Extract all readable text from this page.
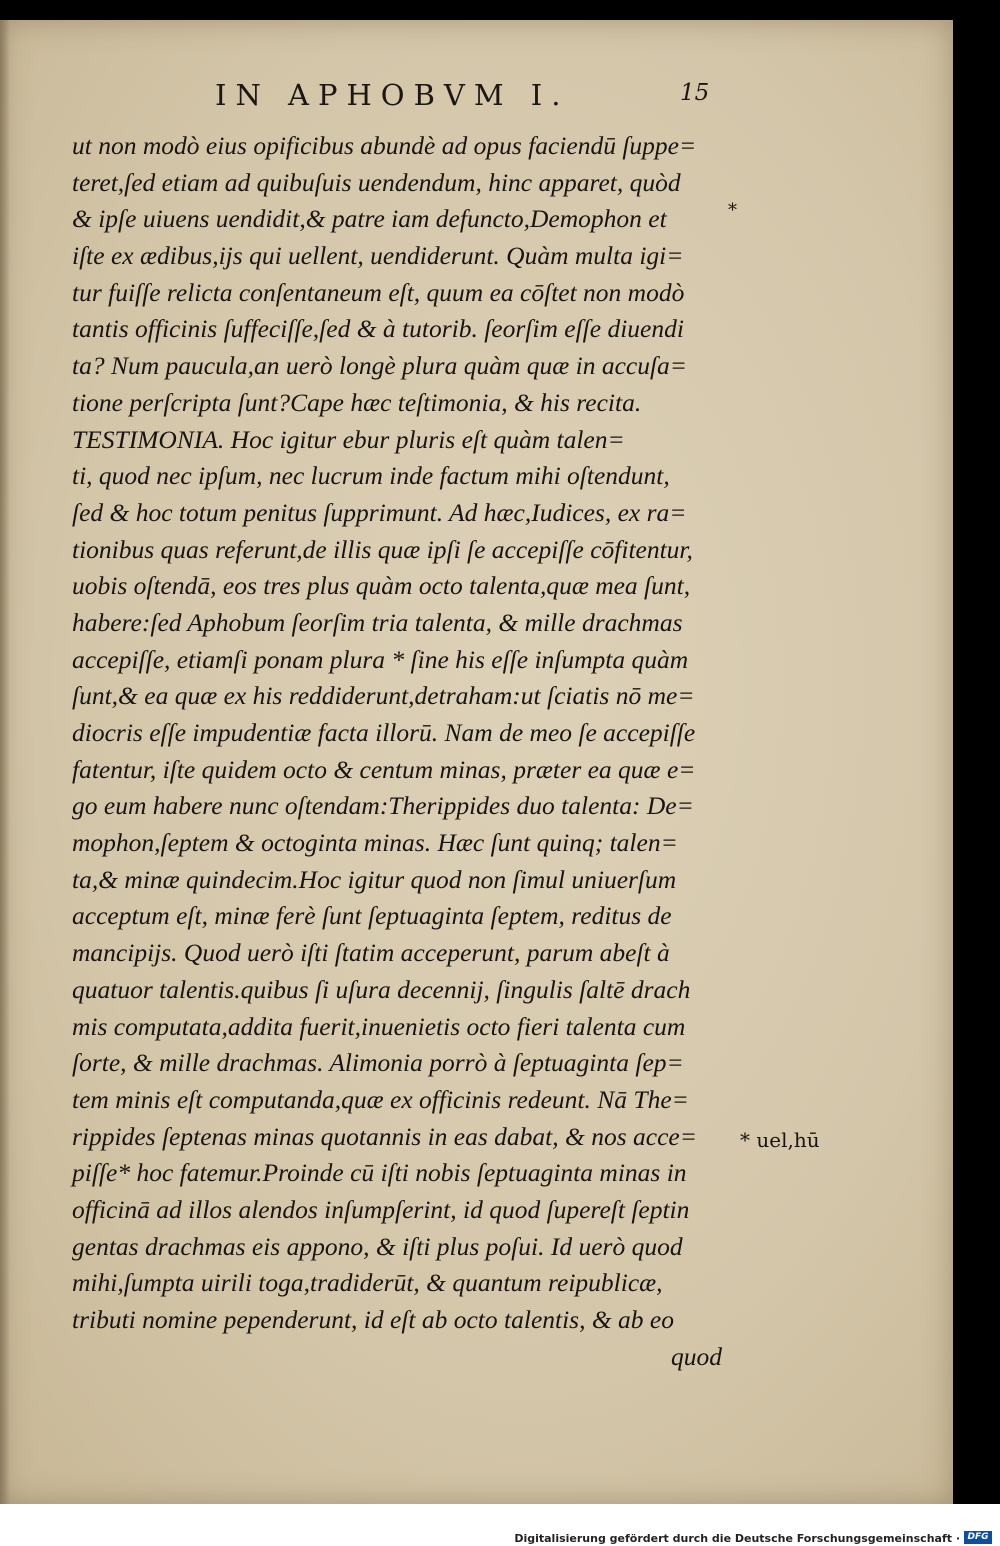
IN APHOBVM I.	15
ut non modò eius opificibus abundè ad opus faciendū ſuppe=
teret,ſed etiam ad quibuſuis uendendum, hinc apparet, quòd
& ipſe uiuens uendidit,& patre iam defuncto,Demophon et
iſte ex ædibus,ijs qui uellent, uendiderunt. Quàm multa igi=
tur fuiſſe relicta conſentaneum eſt, quum ea cōſtet non modò
tantis officinis ſuffeciſſe,ſed & à tutorib. ſeorſim eſſe diuendi
ta? Num paucula,an uerò longè plura quàm quæ in accuſa=
tione perſcripta ſunt?Cape hæc teſtimonia, & his recita.
TESTIMONIA. Hoc igitur ebur pluris eſt quàm talen=
ti, quod nec ipſum, nec lucrum inde factum mihi oſtendunt,
ſed & hoc totum penitus ſupprimunt. Ad hæc,Iudices, ex ra=
tionibus quas referunt,de illis quæ ipſi ſe accepiſſe cōfitentur,
uobis oſtendā, eos tres plus quàm octo talenta,quæ mea ſunt,
habere:ſed Aphobum ſeorſim tria talenta, & mille drachmas
accepiſſe, etiamſi ponam plura * ſine his eſſe inſumpta quàm
ſunt,& ea quæ ex his reddiderunt,detraham:ut ſciatis nō me=
diocris eſſe impudentiæ facta illorū. Nam de meo ſe accepiſſe
fatentur, iſte quidem octo & centum minas, præter ea quæ e=
go eum habere nunc oſtendam:Therippides duo talenta: De=
mophon,ſeptem & octoginta minas. Hæc ſunt quinq; talen=
ta,& minæ quindecim.Hoc igitur quod non ſimul uniuerſum
acceptum eſt, minæ ferè ſunt ſeptuaginta ſeptem, reditus de
mancipijs. Quod uerò iſti ſtatim acceperunt, parum abeſt à
quatuor talentis.quibus ſi uſura decennij, ſingulis ſaltē drach
mis computata,addita fuerit,inuenietis octo fieri talenta cum
ſorte, & mille drachmas. Alimonia porrò à ſeptuaginta ſep=
tem minis eſt computanda,quæ ex officinis redeunt. Nā The=
rippides ſeptenas minas quotannis in eas dabat, & nos acce=
piſſe* hoc fatemur.Proinde cū iſti nobis ſeptuaginta minas in
officinā ad illos alendos inſumpſerint, id quod ſupereſt ſeptin
gentas drachmas eis appono, & iſti plus poſui. Id uerò quod
mihi,ſumpta uirili toga,tradiderūt, & quantum reipublicæ,
tributi nomine pependerunt, id eſt ab octo talentis, & ab eo
quod
*
* uel,hū
Digitalisierung gefördert durch die Deutsche Forschungsgemeinschaft · DFG
